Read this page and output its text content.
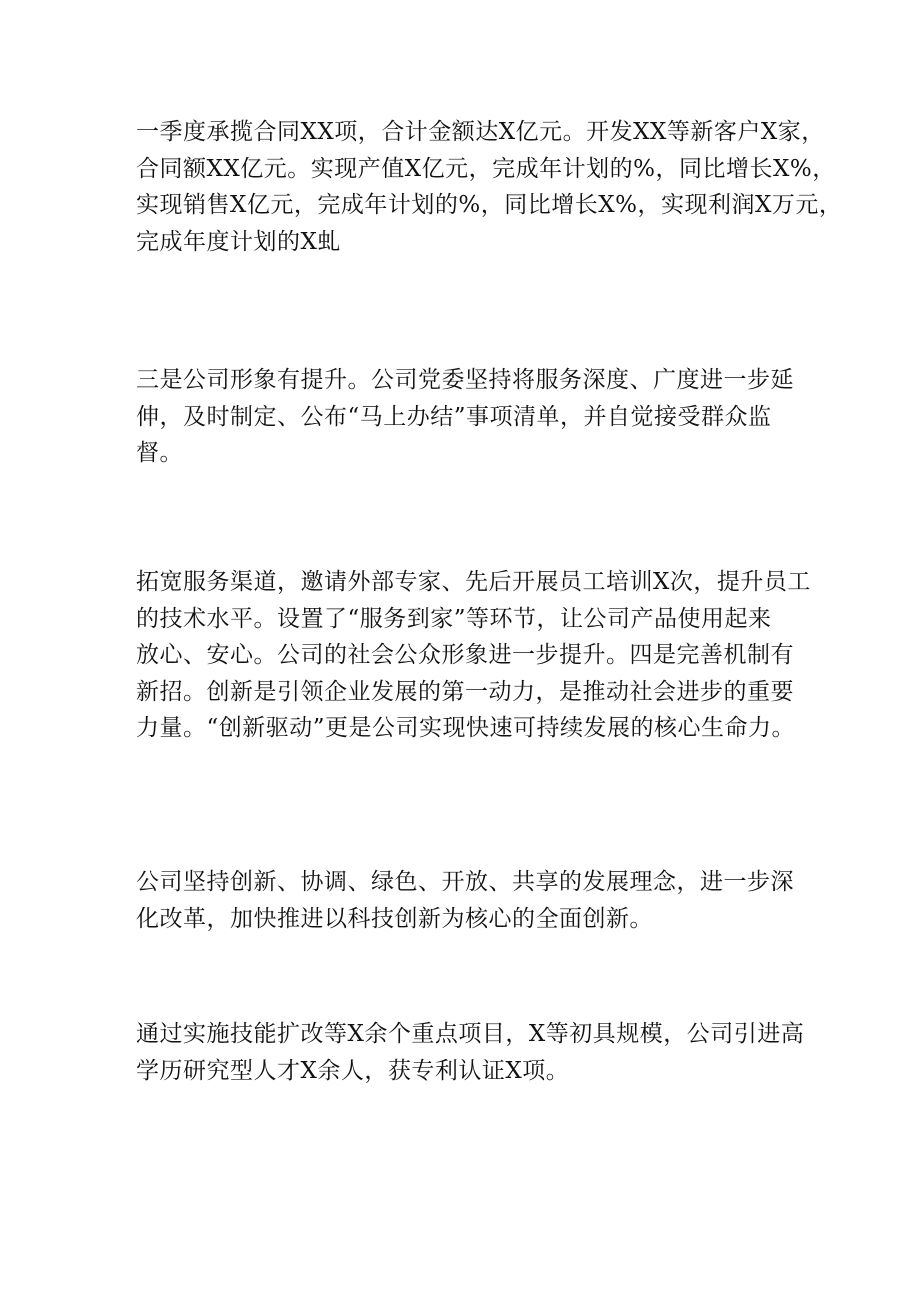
一季度承揽合同XX项，合计金额达X亿元。开发XX等新客户X家，
合同额XX亿元。实现产值X亿元，完成年计划的%，同比增长X%，
实现销售X亿元，完成年计划的%，同比增长X%，实现利润X万元，
完成年度计划的X虬

三是公司形象有提升。公司党委坚持将服务深度、广度进一步延
伸，及时制定、公布“马上办结”事项清单，并自觉接受群众监
督。

拓宽服务渠道，邀请外部专家、先后开展员工培训X次，提升员工
的技术水平。设置了“服务到家”等环节，让公司产品使用起来
放心、安心。公司的社会公众形象进一步提升。四是完善机制有
新招。创新是引领企业发展的第一动力，是推动社会进步的重要
力量。“创新驱动”更是公司实现快速可持续发展的核心生命力。

公司坚持创新、协调、绿色、开放、共享的发展理念，进一步深
化改革，加快推进以科技创新为核心的全面创新。

通过实施技能扩改等X余个重点项目，X等初具规模，公司引进高
学历研究型人才X余人，获专利认证X项。
